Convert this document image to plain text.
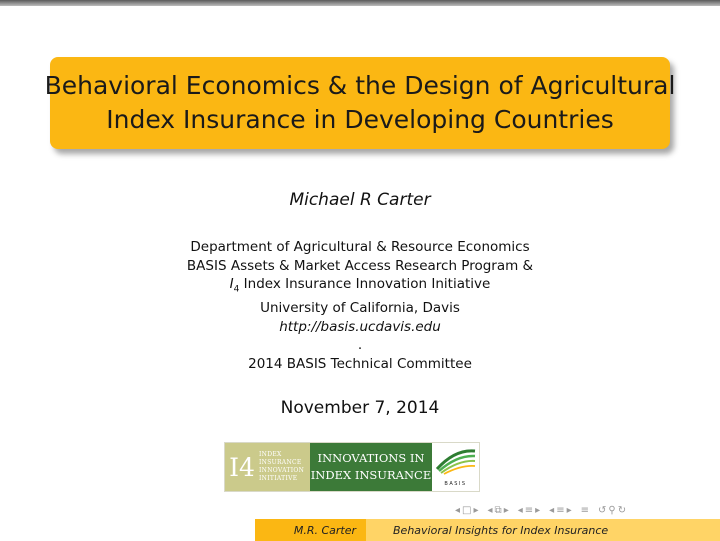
Behavioral Economics & the Design of Agricultural
Index Insurance in Developing Countries
Michael R Carter
Department of Agricultural & Resource Economics
BASIS Assets & Market Access Research Program &
$I_4$ Index Insurance Innovation Initiative
University of California, Davis
http://basis.ucdavis.edu
.
2014 BASIS Technical Committee
November 7, 2014
I4 INDEX
INSURANCE
INNOVATION
INITIATIVE
INNOVATIONS IN
INDEX INSURANCE
BASIS
◂ □ ▸ ◂ ⧉ ▸ ◂ ≡ ▸ ◂ ≡ ▸ ≡ ↺ ⚲ ↻
M.R. Carter	Behavioral Insights for Index Insurance
